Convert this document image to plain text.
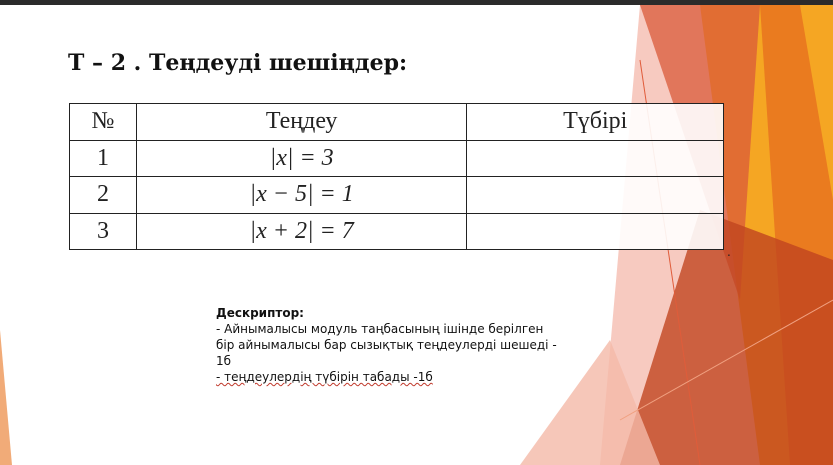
Т – 2 . Теңдеуді шешіңдер:
№	Теңдеу	Түбірі
1	|x| = 3	
2	|x − 5| = 1	
3	|x + 2| = 7	
.
Дескриптор:
- Айнымалысы модуль таңбасының ішінде берілген
бір айнымалысы бар сызықтық теңдеулерді шешеді -
1б
- теңдеулердің түбірін табады -1б
